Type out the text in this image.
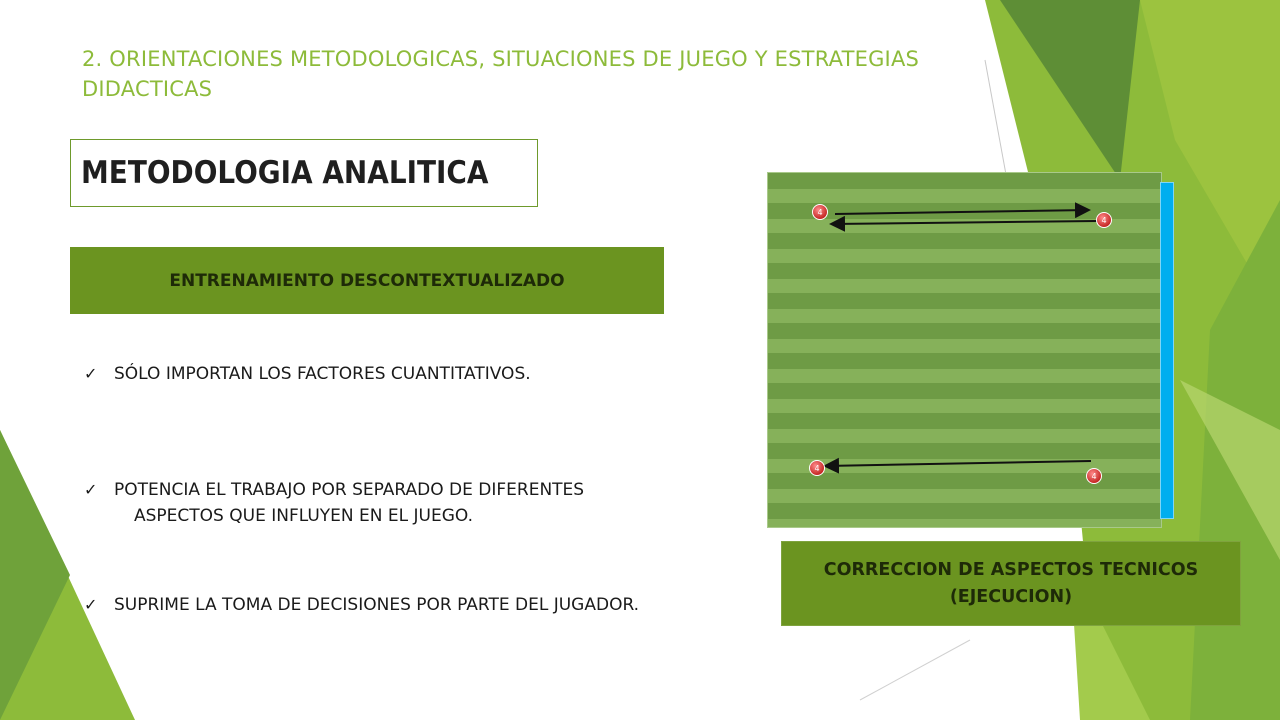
2. ORIENTACIONES METODOLOGICAS, SITUACIONES DE JUEGO Y ESTRATEGIAS DIDACTICAS
METODOLOGIA ANALITICA
ENTRENAMIENTO DESCONTEXTUALIZADO
✓ SÓLO IMPORTAN LOS FACTORES CUANTITATIVOS.
✓ POTENCIA EL TRABAJO POR SEPARADO DE DIFERENTES
ASPECTOS QUE INFLUYEN EN EL JUEGO.
✓ SUPRIME LA TOMA DE DECISIONES POR PARTE DEL JUGADOR.
4
4
4
4
CORRECCION DE ASPECTOS TECNICOS
(EJECUCION)
